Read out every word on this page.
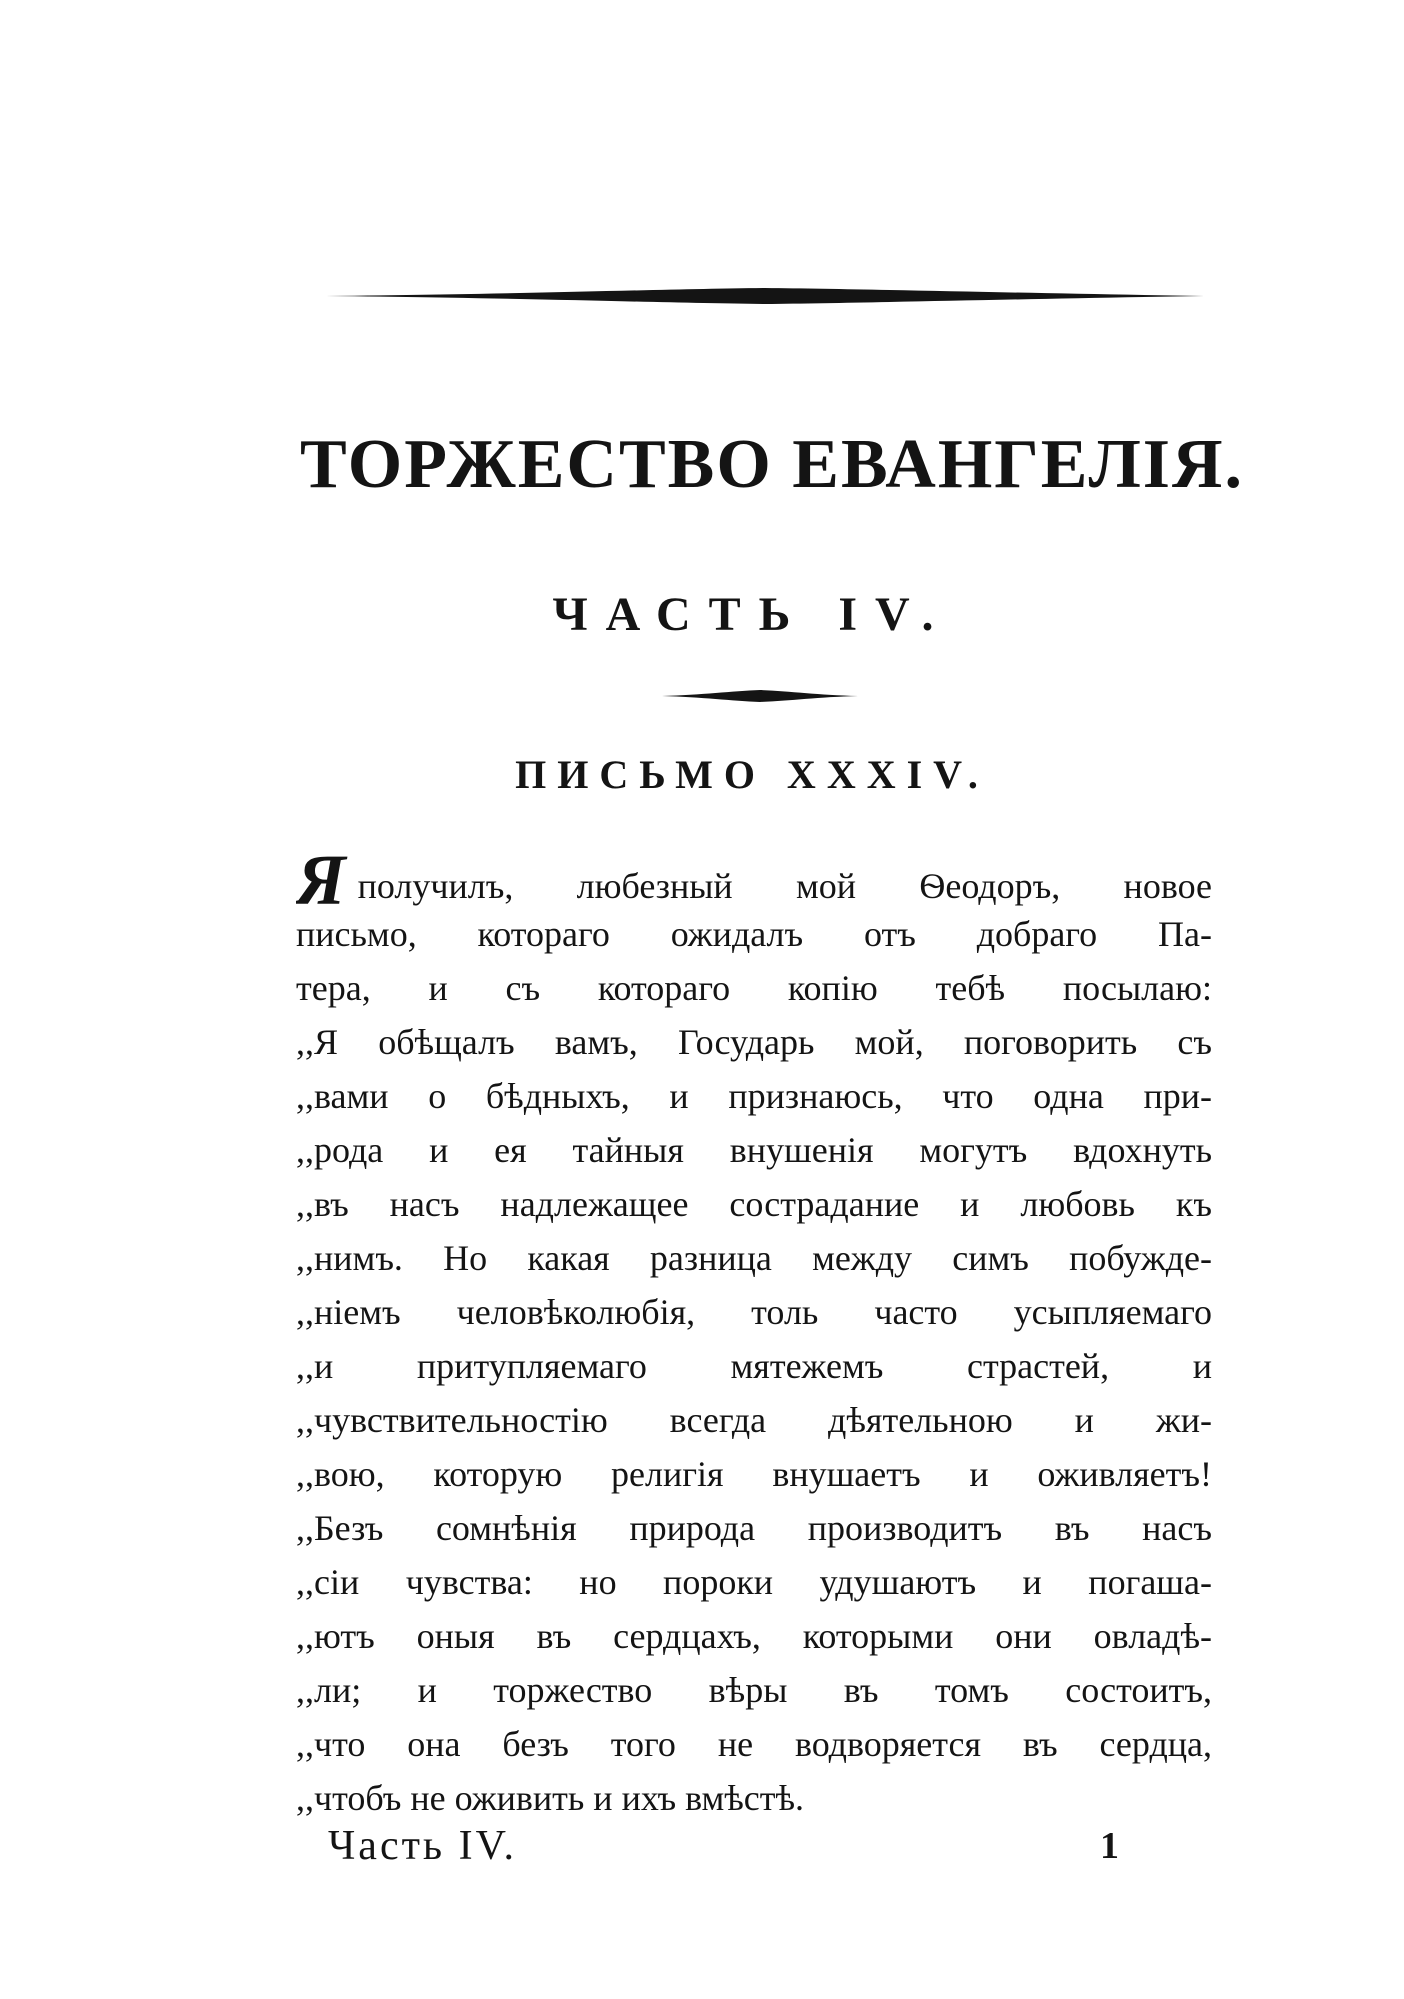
ТОРЖЕСТВО ЕВАНГЕЛІЯ.
ЧАСТЬ IV.
ПИСЬМО XXXIV.
Яполучилъ, любезный мой Ѳеодоръ, новое
письмо, котораго ожидалъ отъ добраго Па-
тера, и съ котораго копію тебѣ посылаю:
,,Я обѣщалъ вамъ, Государь мой, поговорить съ
,,вами о бѣдныхъ, и признаюсь, что одна при-
,,рода и ея тайныя внушенія могутъ вдохнуть
,,въ насъ надлежащее сострадание и любовь къ
,,нимъ. Но какая разница между симъ побужде-
,,ніемъ человѣколюбія, толь часто усыпляемаго
,,и притупляемаго мятежемъ страстей, и
,,чувствительностію всегда дѣятельною и жи-
,,вою, которую религія внушаетъ и оживляетъ!
,,Безъ сомнѣнія природа производитъ въ насъ
,,сіи чувства: но пороки удушаютъ и погаша-
,,ютъ оныя въ сердцахъ, которыми они овладѣ-
,,ли; и торжество вѣры въ томъ состоитъ,
,,что она безъ того не водворяется въ сердца,
,,чтобъ не оживить и ихъ вмѣстѣ.
Часть IV.	1
